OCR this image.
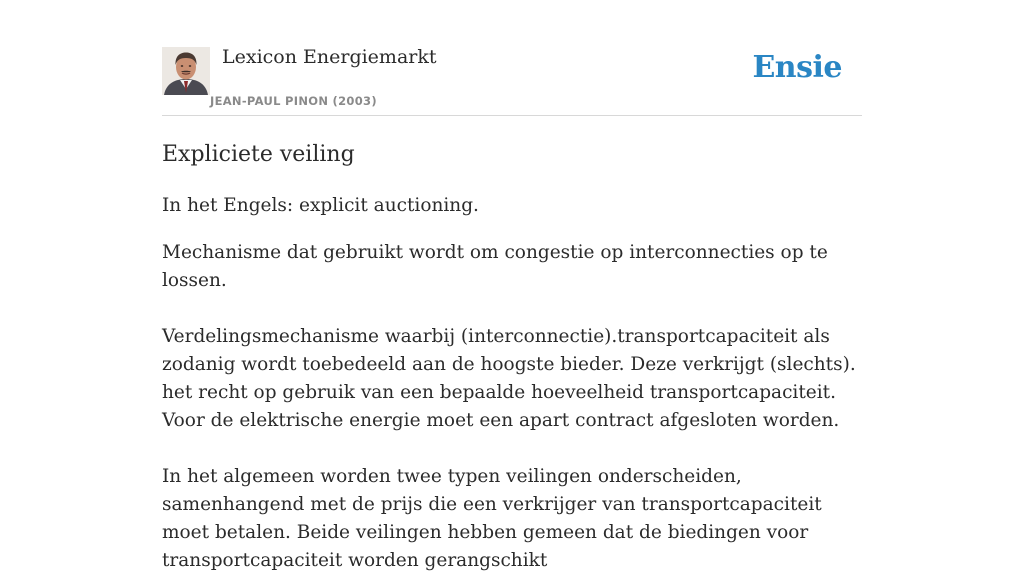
Lexicon Energiemarkt
JEAN-PAUL PINON (2003)
Ensie
Expliciete veiling

In het Engels: explicit auctioning.

Mechanisme dat gebruikt wordt om congestie op interconnecties op te lossen.

Verdelingsmechanisme waarbij (interconnectie).transportcapaciteit als zodanig wordt toebedeeld aan de hoogste bieder. Deze verkrijgt (slechts). het recht op gebruik van een bepaalde hoeveelheid transportcapaciteit. Voor de elektrische energie moet een apart contract afgesloten worden.

In het algemeen worden twee typen veilingen onderscheiden, samenhangend met de prijs die een verkrijger van transportcapaciteit moet betalen. Beide veilingen hebben gemeen dat de biedingen voor transportcapaciteit worden gerangschikt
